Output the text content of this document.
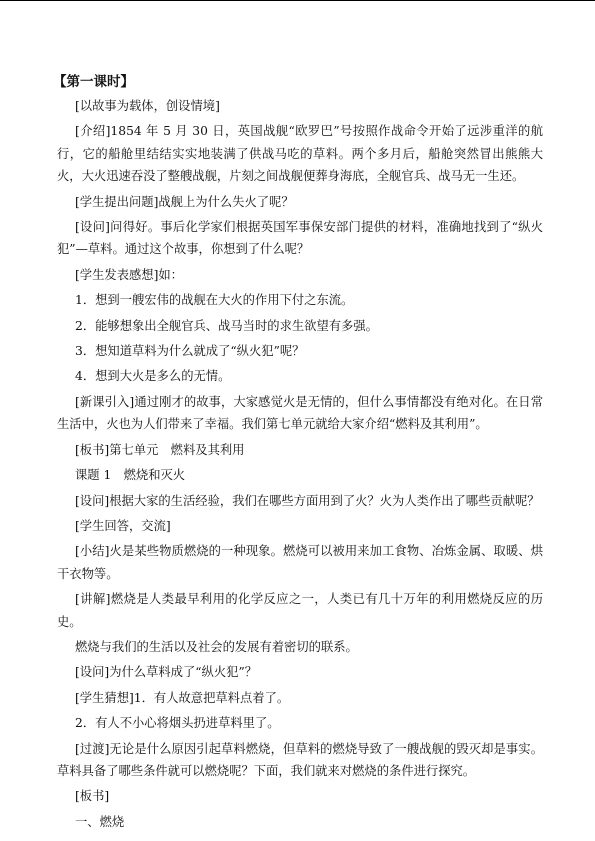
【第一课时】

[以故事为载体，创设情境]

[介绍]1854 年 5 月 30 日，英国战舰“欧罗巴”号按照作战命令开始了远涉重洋的航行，它的船舱里结结实实地装满了供战马吃的草料。两个多月后，船舱突然冒出熊熊大火，大火迅速吞没了整艘战舰，片刻之间战舰便葬身海底，全舰官兵、战马无一生还。

[学生提出问题]战舰上为什么失火了呢？

[设问]问得好。事后化学家们根据英国军事保安部门提供的材料，准确地找到了“纵火犯”—草料。通过这个故事，你想到了什么呢？

[学生发表感想]如：

1．想到一艘宏伟的战舰在大火的作用下付之东流。

2．能够想象出全舰官兵、战马当时的求生欲望有多强。

3．想知道草料为什么就成了“纵火犯”呢？

4．想到大火是多么的无情。

[新课引入]通过刚才的故事，大家感觉火是无情的，但什么事情都没有绝对化。在日常生活中，火也为人们带来了幸福。我们第七单元就给大家介绍“燃料及其利用”。

[板书]第七单元　燃料及其利用

课题 1　燃烧和灭火

[设问]根据大家的生活经验，我们在哪些方面用到了火？火为人类作出了哪些贡献呢？

[学生回答，交流]

[小结]火是某些物质燃烧的一种现象。燃烧可以被用来加工食物、冶炼金属、取暖、烘干衣物等。

[讲解]燃烧是人类最早利用的化学反应之一，人类已有几十万年的利用燃烧反应的历史。

燃烧与我们的生活以及社会的发展有着密切的联系。

[设问]为什么草料成了“纵火犯”？

[学生猜想]1．有人故意把草料点着了。

2．有人不小心将烟头扔进草料里了。

[过渡]无论是什么原因引起草料燃烧，但草料的燃烧导致了一艘战舰的毁灭却是事实。草料具备了哪些条件就可以燃烧呢？下面，我们就来对燃烧的条件进行探究。

[板书]

一、燃烧
